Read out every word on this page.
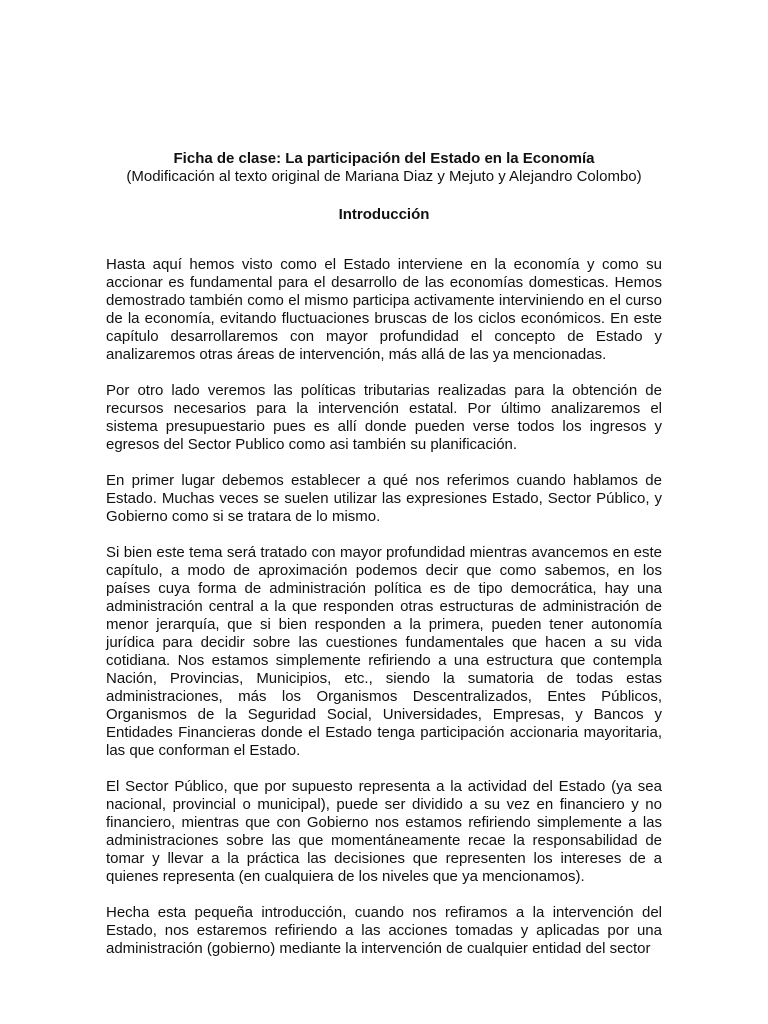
Ficha de clase: La participación del Estado en la Economía

(Modificación al texto original de Mariana Diaz y Mejuto y Alejandro Colombo)

Introducción

Hasta aquí hemos visto como el Estado interviene en la economía y como su accionar es fundamental para el desarrollo de las economías domesticas. Hemos demostrado también como el mismo participa activamente interviniendo en el curso de la economía, evitando fluctuaciones bruscas de los ciclos económicos. En este capítulo desarrollaremos con mayor profundidad el concepto de Estado y analizaremos otras áreas de intervención, más allá de las ya mencionadas.

Por otro lado veremos las políticas tributarias realizadas para la obtención de recursos necesarios para la intervención estatal. Por último analizaremos el sistema presupuestario pues es allí donde pueden verse todos los ingresos y egresos del Sector Publico como asi también su planificación.

En primer lugar debemos establecer a qué nos referimos cuando hablamos de Estado. Muchas veces se suelen utilizar las expresiones Estado, Sector Público, y Gobierno como si se tratara de lo mismo.

Si bien este tema será tratado con mayor profundidad mientras avancemos en este capítulo, a modo de aproximación podemos decir que como sabemos, en los países cuya forma de administración política es de tipo democrática, hay una administración central a la que responden otras estructuras de administración de menor jerarquía, que si bien responden a la primera, pueden tener autonomía jurídica para decidir sobre las cuestiones fundamentales que hacen a su vida cotidiana. Nos estamos simplemente refiriendo a una estructura que contempla Nación, Provincias, Municipios, etc., siendo la sumatoria de todas estas administraciones, más los Organismos Descentralizados, Entes Públicos, Organismos de la Seguridad Social, Universidades, Empresas, y Bancos y Entidades Financieras donde el Estado tenga participación accionaria mayoritaria, las que conforman el Estado.

El Sector Público, que por supuesto representa a la actividad del Estado (ya sea nacional, provincial o municipal), puede ser dividido a su vez en financiero y no financiero, mientras que con Gobierno nos estamos refiriendo simplemente a las administraciones sobre las que momentáneamente recae la responsabilidad de tomar y llevar a la práctica las decisiones que representen los intereses de a quienes representa (en cualquiera de los niveles que ya mencionamos).

Hecha esta pequeña introducción, cuando nos refiramos a la intervención del Estado, nos estaremos refiriendo a las acciones tomadas y aplicadas por una administración (gobierno) mediante la intervención de cualquier entidad del sector
